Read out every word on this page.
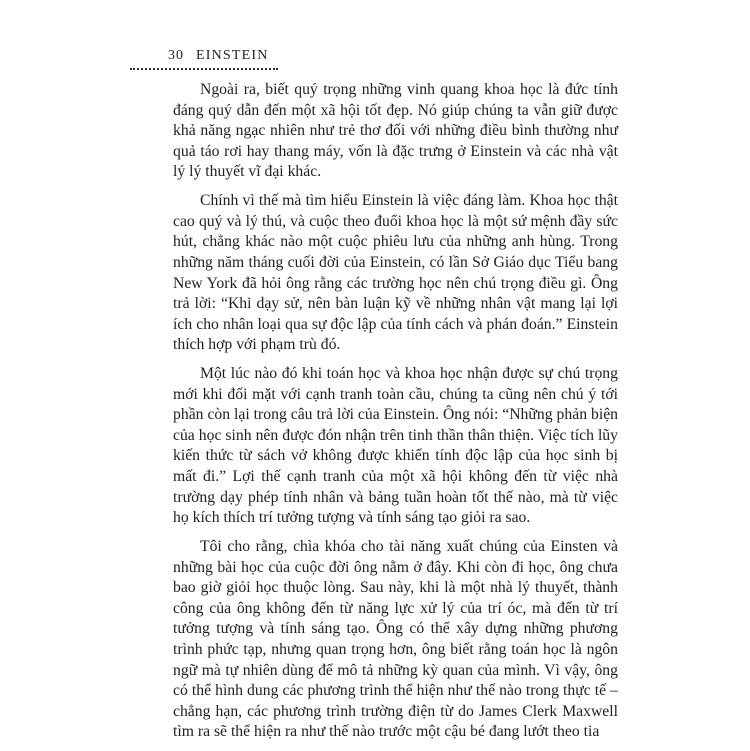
30 EINSTEIN

Ngoài ra, biết quý trọng những vinh quang khoa học là đức tính đáng quý dẫn đến một xã hội tốt đẹp. Nó giúp chúng ta vẫn giữ được khả năng ngạc nhiên như trẻ thơ đối với những điều bình thường như quả táo rơi hay thang máy, vốn là đặc trưng ở Einstein và các nhà vật lý lý thuyết vĩ đại khác.

Chính vì thế mà tìm hiểu Einstein là việc đáng làm. Khoa học thật cao quý và lý thú, và cuộc theo đuổi khoa học là một sứ mệnh đầy sức hút, chẳng khác nào một cuộc phiêu lưu của những anh hùng. Trong những năm tháng cuối đời của Einstein, có lần Sở Giáo dục Tiểu bang New York đã hỏi ông rằng các trường học nên chú trọng điều gì. Ông trả lời: “Khi dạy sử, nên bàn luận kỹ về những nhân vật mang lại lợi ích cho nhân loại qua sự độc lập của tính cách và phán đoán.” Einstein thích hợp với phạm trù đó.

Một lúc nào đó khi toán học và khoa học nhận được sự chú trọng mới khi đối mặt với cạnh tranh toàn cầu, chúng ta cũng nên chú ý tới phần còn lại trong câu trả lời của Einstein. Ông nói: “Những phản biện của học sinh nên được đón nhận trên tinh thần thân thiện. Việc tích lũy kiến thức từ sách vở không được khiến tính độc lập của học sinh bị mất đi.” Lợi thế cạnh tranh của một xã hội không đến từ việc nhà trường dạy phép tính nhân và bảng tuần hoàn tốt thế nào, mà từ việc họ kích thích trí tưởng tượng và tính sáng tạo giỏi ra sao.

Tôi cho rằng, chìa khóa cho tài năng xuất chúng của Einsten và những bài học của cuộc đời ông nằm ở đây. Khi còn đi học, ông chưa bao giờ giỏi học thuộc lòng. Sau này, khi là một nhà lý thuyết, thành công của ông không đến từ năng lực xử lý của trí óc, mà đến từ trí tưởng tượng và tính sáng tạo. Ông có thể xây dựng những phương trình phức tạp, nhưng quan trọng hơn, ông biết rằng toán học là ngôn ngữ mà tự nhiên dùng để mô tả những kỳ quan của mình. Vì vậy, ông có thể hình dung các phương trình thể hiện như thế nào trong thực tế – chẳng hạn, các phương trình trường điện từ do James Clerk Maxwell tìm ra sẽ thể hiện ra như thế nào trước một cậu bé đang lướt theo tia
